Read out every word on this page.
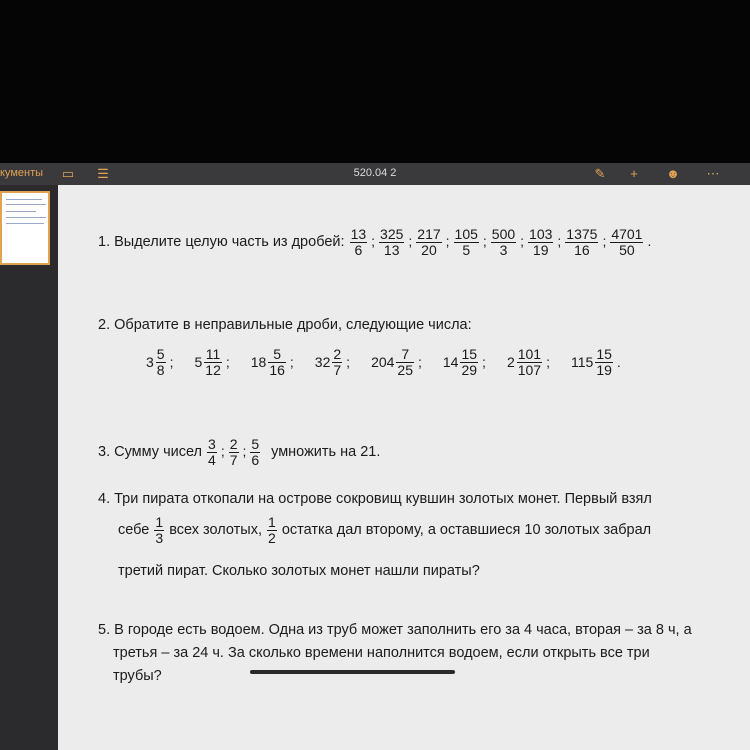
кументы ▭ ☰	520.04 2	✎	+	☻ ⋯
1. Выделите целую часть из дробей: $\frac{13}{6}$ ; $\frac{325}{13}$ ; $\frac{217}{20}$ ; $\frac{105}{5}$ ; $\frac{500}{3}$ ; $\frac{103}{19}$ ; $\frac{1375}{16}$ ; $\frac{4701}{50}$ .
2. Обратите в неправильные дроби, следующие числа:
$3 \frac{5}{8}$ ; $5 \frac{11}{12}$ ; $18 \frac{5}{16}$ ; $32 \frac{2}{7}$ ; $204 \frac{7}{25}$ ; $14 \frac{15}{29}$ ; $2 \frac{101}{107}$ ; $115 \frac{15}{19}$ .
3. Сумму чисел $\frac{3}{4}$ ; $\frac{2}{7}$ ; $\frac{5}{6}$ умножить на 21.
4. Три пирата откопали на острове сокровищ кувшин золотых монет. Первый взял
себе $\frac{1}{3}$ всех золотых, $\frac{1}{2}$ остатка дал второму, а оставшиеся 10 золотых забрал
третий пират. Сколько золотых монет нашли пираты?
5. В городе есть водоем. Одна из труб может заполнить его за 4 часа, вторая – за 8 ч, а
третья – за 24 ч. За сколько времени наполнится водоем, если открыть все три
трубы?
